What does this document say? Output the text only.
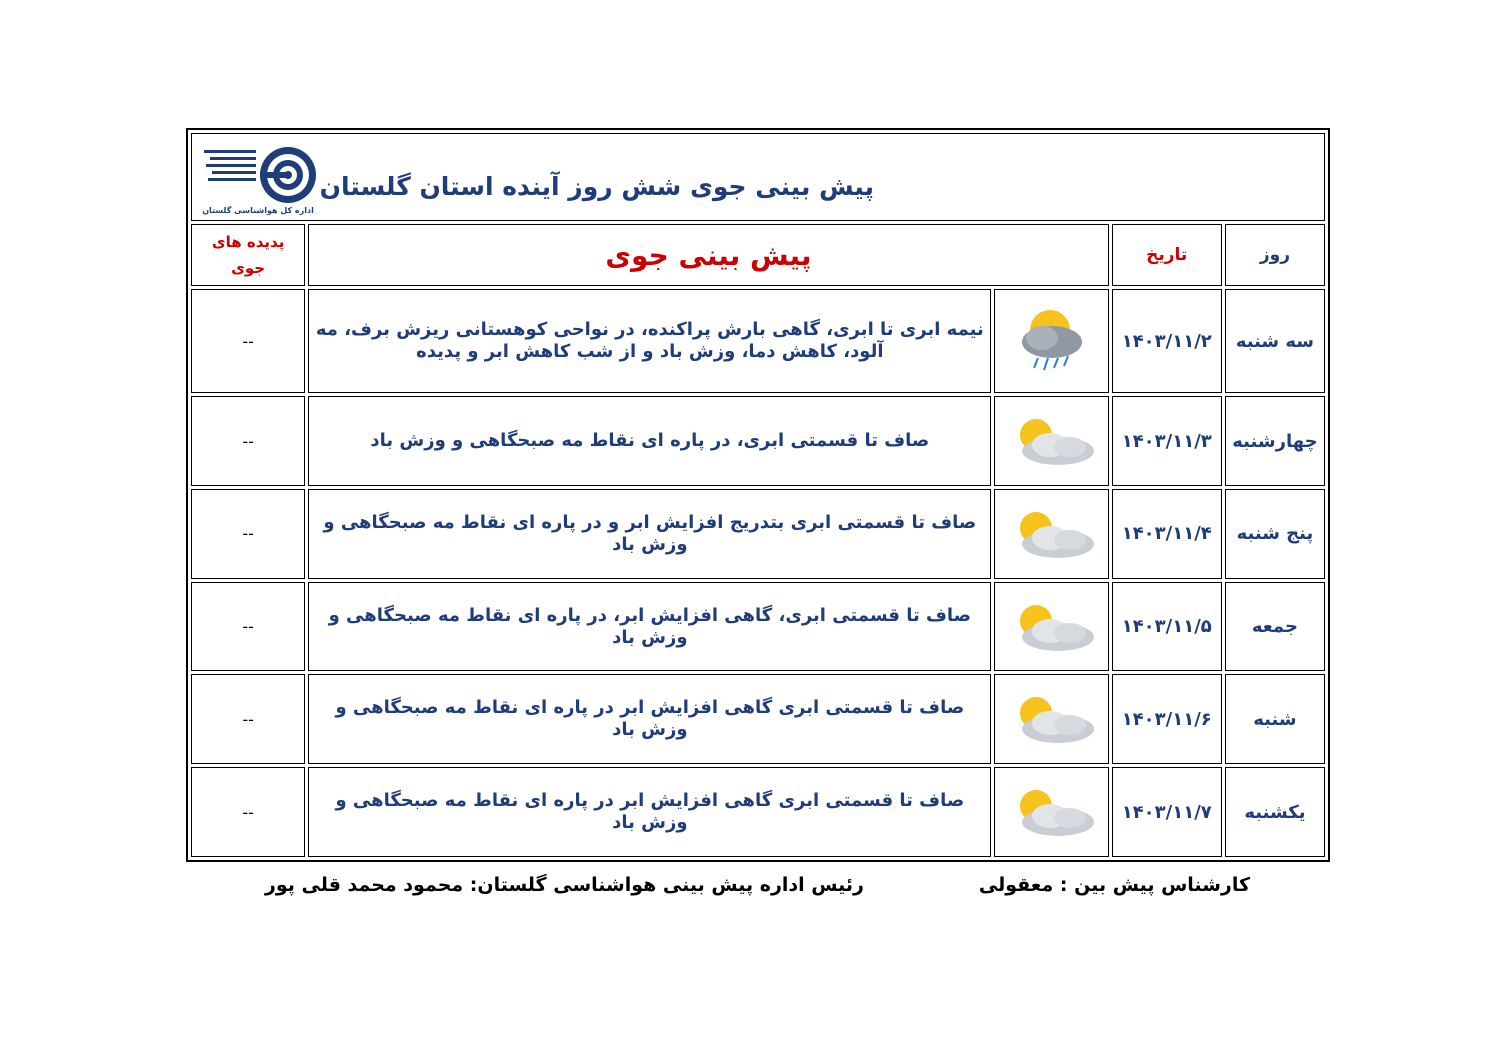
پیش بینی جوی شش روز آینده استان گلستان
اداره کل هواشناسی گلستان				

روز	تاریخ	پیش بینی جوی		پدیده های
جوی

سه شنبه	۱۴۰۳/۱۱/۲		نیمه ابری تا ابری، گاهی بارش پراکنده، در نواحی کوهستانی ریزش برف، مه آلود، کاهش دما، وزش باد و از شب کاهش ابر و پدیده	--
چهارشنبه	۱۴۰۳/۱۱/۳		صاف تا قسمتی ابری، در پاره ای نقاط مه صبحگاهی و وزش باد	--
پنج شنبه	۱۴۰۳/۱۱/۴		صاف تا قسمتی ابری بتدریج افزایش ابر و در پاره ای نقاط مه صبحگاهی و وزش باد	--
جمعه	۱۴۰۳/۱۱/۵		صاف تا قسمتی ابری، گاهی افزایش ابر، در پاره ای نقاط مه صبحگاهی و وزش باد	--
شنبه	۱۴۰۳/۱۱/۶		صاف تا قسمتی ابری گاهی افزایش ابر در پاره ای نقاط مه صبحگاهی و وزش باد	--
یکشنبه	۱۴۰۳/۱۱/۷		صاف تا قسمتی ابری گاهی افزایش ابر در پاره ای نقاط مه صبحگاهی و وزش باد	--
کارشناس پیش بین : معقولی
رئیس اداره پیش بینی هواشناسی گلستان: محمود محمد قلی پور
